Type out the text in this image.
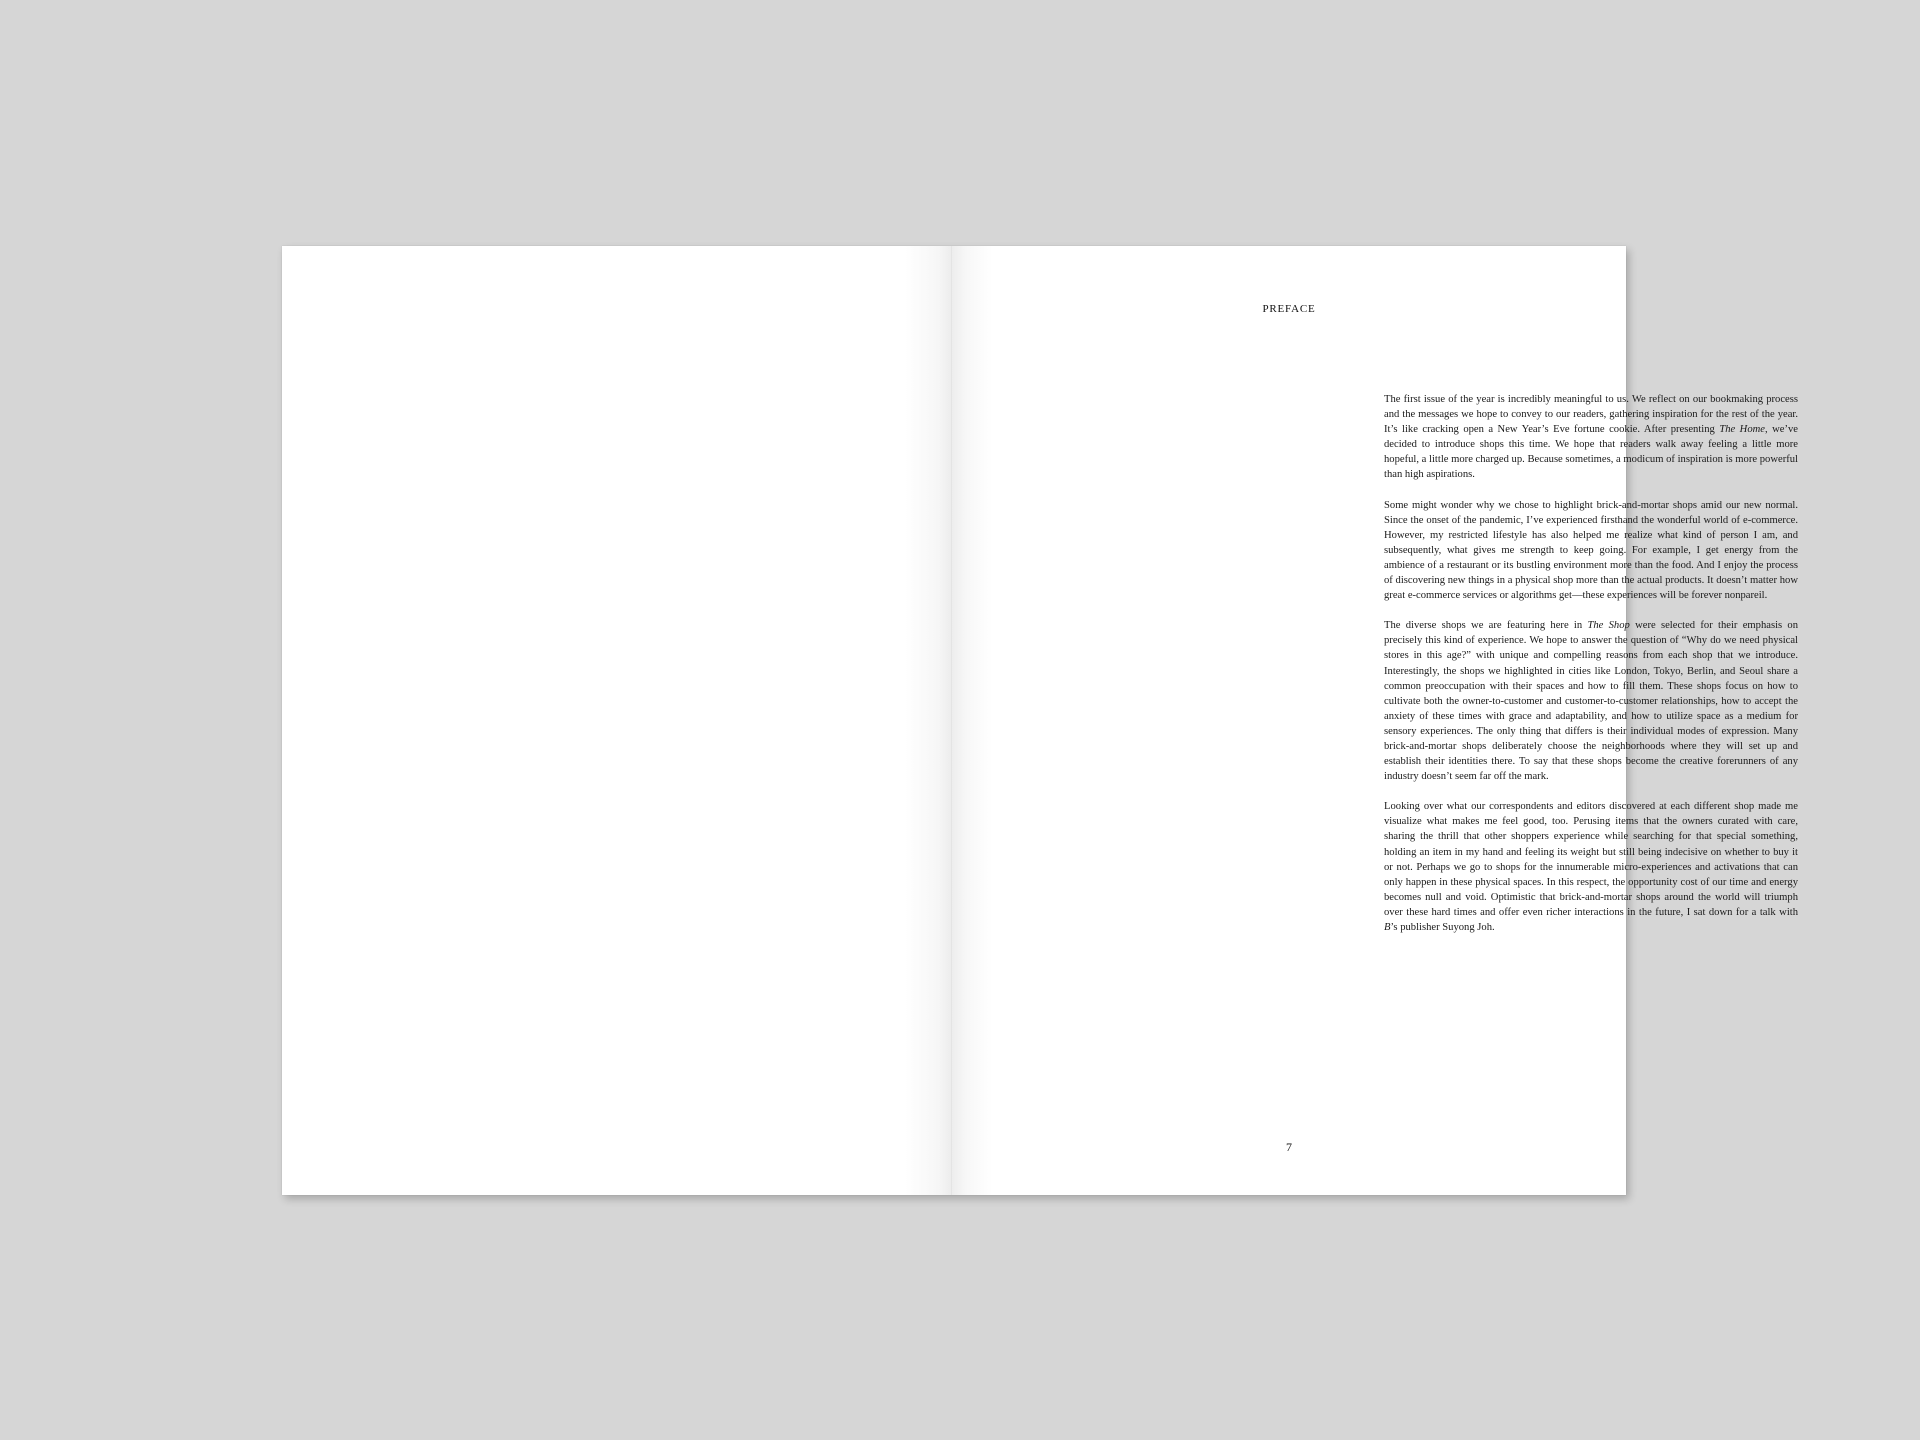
PREFACE

The first issue of the year is incredibly meaningful to us. We reflect on our bookmaking process and the messages we hope to convey to our readers, gathering inspiration for the rest of the year. It’s like cracking open a New Year’s Eve fortune cookie. After presenting The Home, we’ve decided to introduce shops this time. We hope that readers walk away feeling a little more hopeful, a little more charged up. Because sometimes, a modicum of inspiration is more powerful than high aspirations.

Some might wonder why we chose to highlight brick-and-mortar shops amid our new normal. Since the onset of the pandemic, I’ve experienced firsthand the wonderful world of e-commerce. However, my restricted lifestyle has also helped me realize what kind of person I am, and subsequently, what gives me strength to keep going. For example, I get energy from the ambience of a restaurant or its bustling environment more than the food. And I enjoy the process of discovering new things in a physical shop more than the actual products. It doesn’t matter how great e-commerce services or algorithms get—these experiences will be forever nonpareil.

The diverse shops we are featuring here in The Shop were selected for their emphasis on precisely this kind of experience. We hope to answer the question of “Why do we need physical stores in this age?” with unique and compelling reasons from each shop that we introduce. Interestingly, the shops we highlighted in cities like London, Tokyo, Berlin, and Seoul share a common preoccupation with their spaces and how to fill them. These shops focus on how to cultivate both the owner-to-customer and customer-to-customer relationships, how to accept the anxiety of these times with grace and adaptability, and how to utilize space as a medium for sensory experiences. The only thing that differs is their individual modes of expression. Many brick-and-mortar shops deliberately choose the neighborhoods where they will set up and establish their identities there. To say that these shops become the creative forerunners of any industry doesn’t seem far off the mark.

Looking over what our correspondents and editors discovered at each different shop made me visualize what makes me feel good, too. Perusing items that the owners curated with care, sharing the thrill that other shoppers experience while searching for that special something, holding an item in my hand and feeling its weight but still being indecisive on whether to buy it or not. Perhaps we go to shops for the innumerable micro-experiences and activations that can only happen in these physical spaces. In this respect, the opportunity cost of our time and energy becomes null and void. Optimistic that brick-and-mortar shops around the world will triumph over these hard times and offer even richer interactions in the future, I sat down for a talk with B’s publisher Suyong Joh.

7
